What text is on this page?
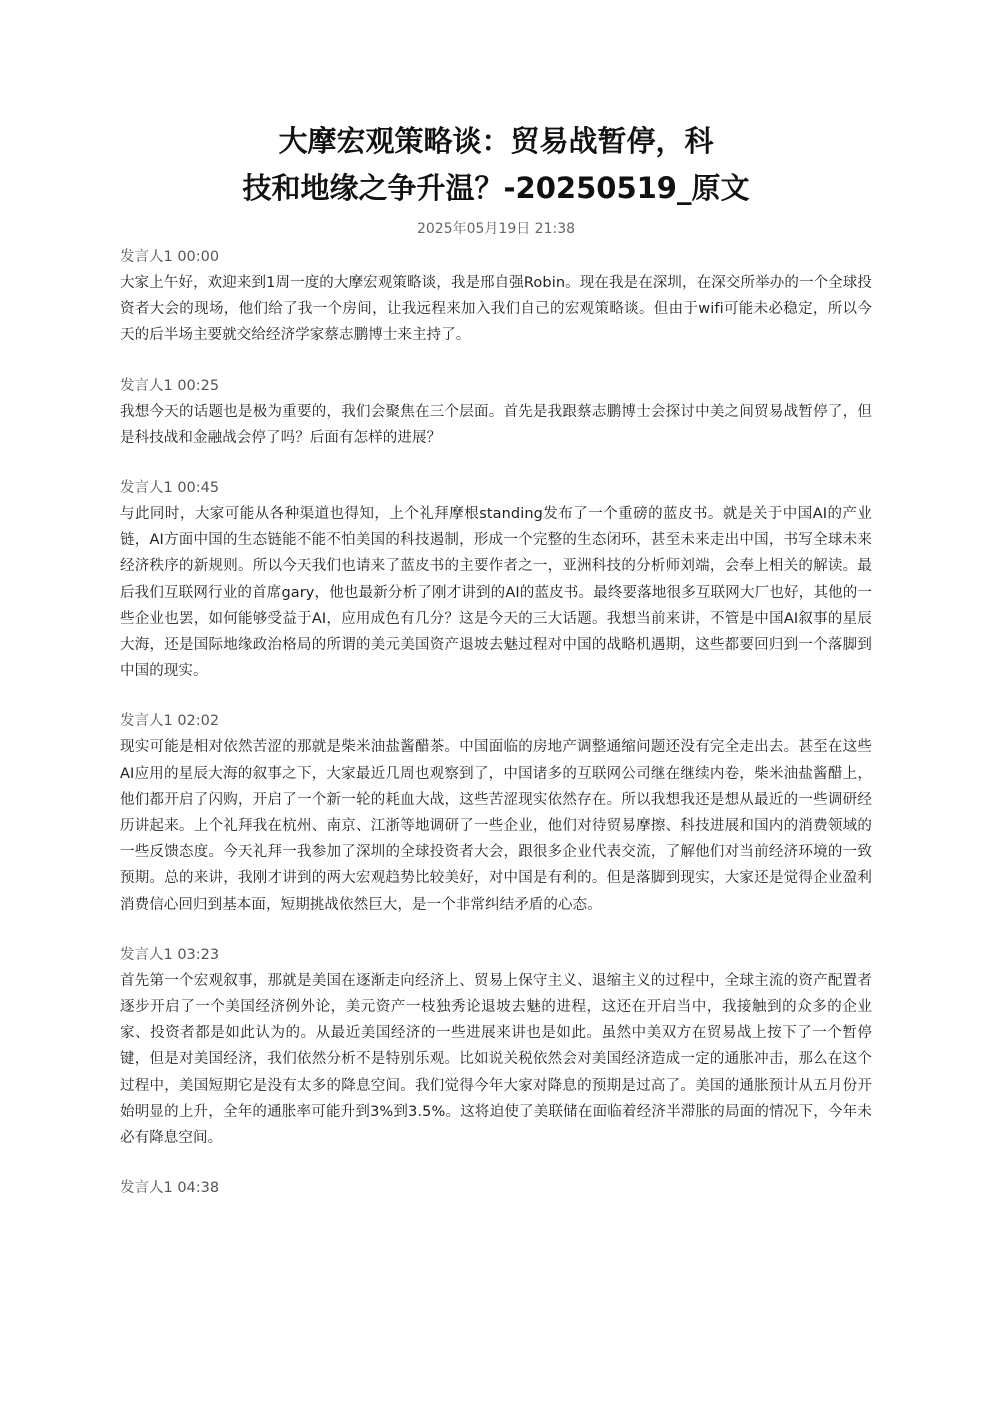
大摩宏观策略谈：贸易战暂停，科
技和地缘之争升温？-20250519_原文
2025年05月19日 21:38

发言人1 00:00

大家上午好，欢迎来到1周一度的大摩宏观策略谈，我是邢自强Robin。现在我是在深圳，在深交所举办的一个全球投资者大会的现场，他们给了我一个房间，让我远程来加入我们自己的宏观策略谈。但由于wifi可能未必稳定，所以今天的后半场主要就交给经济学家蔡志鹏博士来主持了。

发言人1 00:25

我想今天的话题也是极为重要的，我们会聚焦在三个层面。首先是我跟蔡志鹏博士会探讨中美之间贸易战暂停了，但是科技战和金融战会停了吗？后面有怎样的进展？

发言人1 00:45

与此同时，大家可能从各种渠道也得知，上个礼拜摩根standing发布了一个重磅的蓝皮书。就是关于中国AI的产业链，AI方面中国的生态链能不能不怕美国的科技遏制，形成一个完整的生态闭环，甚至未来走出中国，书写全球未来经济秩序的新规则。所以今天我们也请来了蓝皮书的主要作者之一，亚洲科技的分析师刘端，会奉上相关的解读。最后我们互联网行业的首席gary，他也最新分析了刚才讲到的AI的蓝皮书。最终要落地很多互联网大厂也好，其他的一些企业也罢，如何能够受益于AI，应用成色有几分？这是今天的三大话题。我想当前来讲，不管是中国AI叙事的星辰大海，还是国际地缘政治格局的所谓的美元美国资产退坡去魅过程对中国的战略机遇期，这些都要回归到一个落脚到中国的现实。

发言人1 02:02

现实可能是相对依然苦涩的那就是柴米油盐酱醋茶。中国面临的房地产调整通缩问题还没有完全走出去。甚至在这些AI应用的星辰大海的叙事之下，大家最近几周也观察到了，中国诸多的互联网公司继在继续内卷，柴米油盐酱醋上，他们都开启了闪购，开启了一个新一轮的耗血大战，这些苦涩现实依然存在。所以我想我还是想从最近的一些调研经历讲起来。上个礼拜我在杭州、南京、江浙等地调研了一些企业，他们对待贸易摩擦、科技进展和国内的消费领域的一些反馈态度。今天礼拜一我参加了深圳的全球投资者大会，跟很多企业代表交流，了解他们对当前经济环境的一致预期。总的来讲，我刚才讲到的两大宏观趋势比较美好，对中国是有利的。但是落脚到现实，大家还是觉得企业盈利消费信心回归到基本面，短期挑战依然巨大，是一个非常纠结矛盾的心态。

发言人1 03:23

首先第一个宏观叙事，那就是美国在逐渐走向经济上、贸易上保守主义、退缩主义的过程中，全球主流的资产配置者逐步开启了一个美国经济例外论，美元资产一枝独秀论退坡去魅的进程，这还在开启当中，我接触到的众多的企业家、投资者都是如此认为的。从最近美国经济的一些进展来讲也是如此。虽然中美双方在贸易战上按下了一个暂停键，但是对美国经济，我们依然分析不是特别乐观。比如说关税依然会对美国经济造成一定的通胀冲击，那么在这个过程中，美国短期它是没有太多的降息空间。我们觉得今年大家对降息的预期是过高了。美国的通胀预计从五月份开始明显的上升，全年的通胀率可能升到3%到3.5%。这将迫使了美联储在面临着经济半滞胀的局面的情况下，今年未必有降息空间。

发言人1 04:38
